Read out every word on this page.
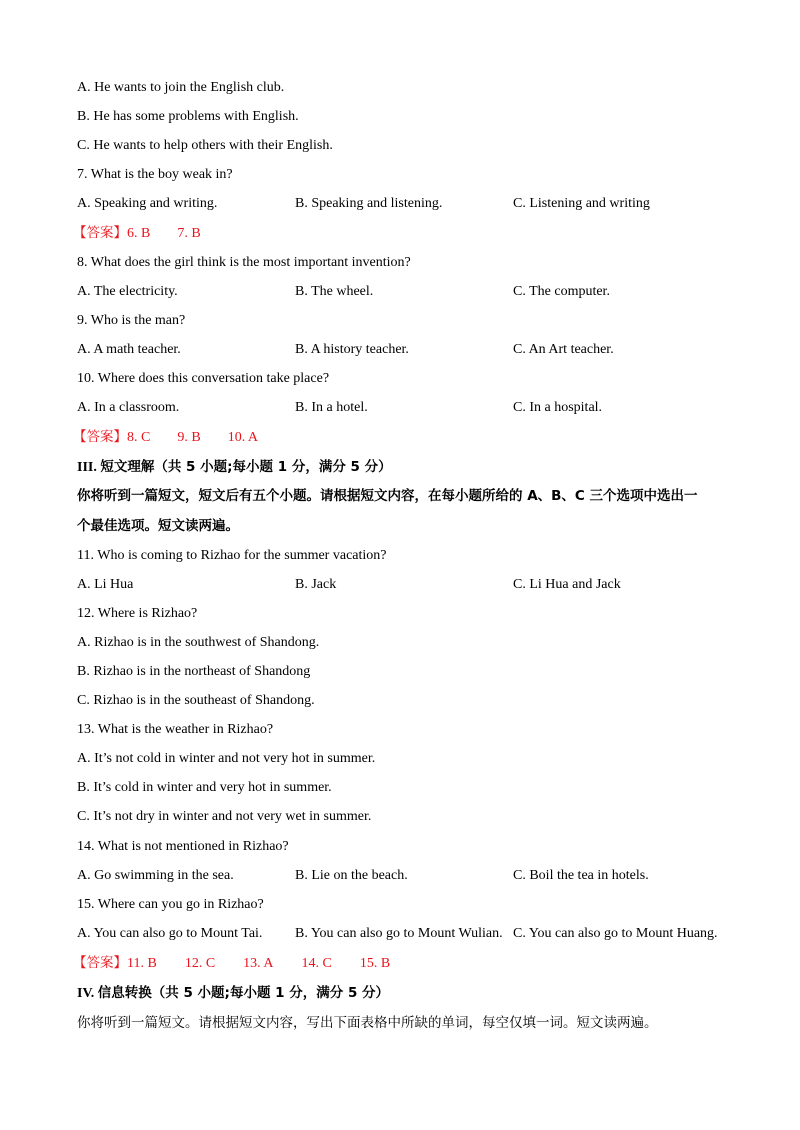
A. He wants to join the English club.
B. He has some problems with English.
C. He wants to help others with their English.
7. What is the boy weak in?
A. Speaking and writing.	B. Speaking and listening.	C. Listening and writing
【答案】6. B 7. B
8. What does the girl think is the most important invention?
A. The electricity.	B. The wheel.	C. The computer.
9. Who is the man?
A. A math teacher.	B. A history teacher.	C. An Art teacher.
10. Where does this conversation take place?
A. In a classroom.	B. In a hotel.	C. In a hospital.
【答案】8. C 9. B 10. A
III. 短文理解（共 5 小题;每小题 1 分，满分 5 分）
你将听到一篇短文，短文后有五个小题。请根据短文内容，在每小题所给的 A、B、C 三个选项中选出一
个最佳选项。短文读两遍。
11. Who is coming to Rizhao for the summer vacation?
A. Li Hua	B. Jack	C. Li Hua and Jack
12. Where is Rizhao?
A. Rizhao is in the southwest of Shandong.
B. Rizhao is in the northeast of Shandong
C. Rizhao is in the southeast of Shandong.
13. What is the weather in Rizhao?
A. It’s not cold in winter and not very hot in summer.
B. It’s cold in winter and very hot in summer.
C. It’s not dry in winter and not very wet in summer.
14. What is not mentioned in Rizhao?
A. Go swimming in the sea.	B. Lie on the beach.	C. Boil the tea in hotels.
15. Where can you go in Rizhao?
A. You can also go to Mount Tai. B. You can also go to Mount Wulian. C. You can also go to Mount Huang.
【答案】11. B 12. C 13. A 14. C 15. B
IV. 信息转换（共 5 小题;每小题 1 分，满分 5 分）
你将听到一篇短文。请根据短文内容，写出下面表格中所缺的单词，每空仅填一词。短文读两遍。
